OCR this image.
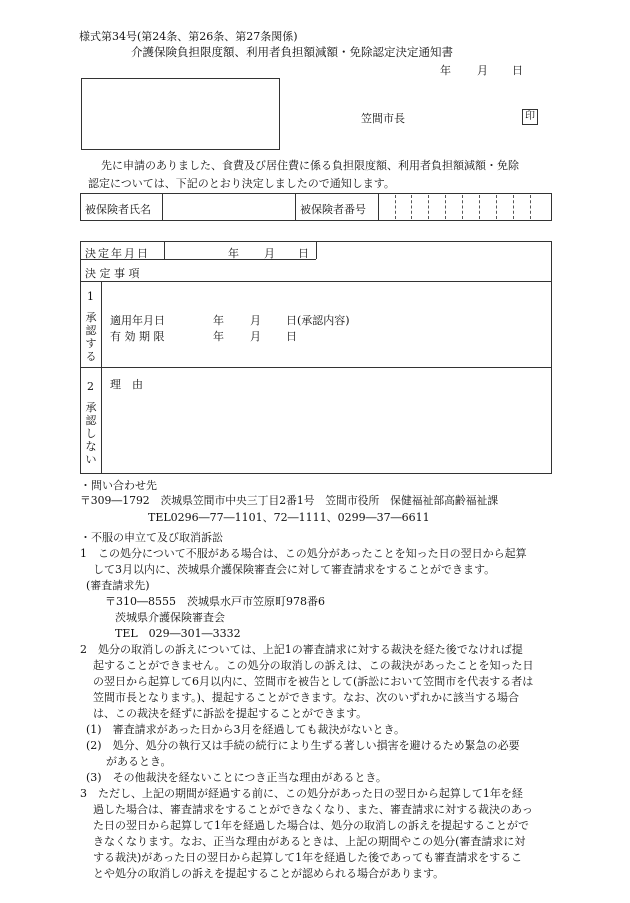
様式第34号(第24条、第26条、第27条関係)
介護保険負担限度額、利用者負担額減額・免除認定決定通知書
年 月 日
笠間市長	印
先に申請のありました、食費及び居住費に係る負担限度額、利用者負担額減額・免除
認定については、下記のとおり決定しましたので通知します。
被保険者氏名	被保険者番号
決定年月日	年 月 日
決 定 事 項
1
承認する
適用年月日	年 月 日(承認内容)
有 効 期 限	年 月 日
2
承認しない
理　由
・問い合わせ先
〒309―1792　茨城県笠間市中央三丁目2番1号　笠間市役所　保健福祉部高齢福祉課
TEL0296―77―1101、72―1111、0299―37―6611
・不服の申立て及び取消訴訟
1　この処分について不服がある場合は、この処分があったことを知った日の翌日から起算
して3月以内に、茨城県介護保険審査会に対して審査請求をすることができます。
(審査請求先)
〒310―8555　茨城県水戸市笠原町978番6
茨城県介護保険審査会
TEL　029―301―3332
2　処分の取消しの訴えについては、上記1の審査請求に対する裁決を経た後でなければ提
起することができません。この処分の取消しの訴えは、この裁決があったことを知った日
の翌日から起算して6月以内に、笠間市を被告として(訴訟において笠間市を代表する者は
笠間市長となります。)、提起することができます。なお、次のいずれかに該当する場合
は、この裁決を経ずに訴訟を提起することができます。
(1)　審査請求があった日から3月を経過しても裁決がないとき。
(2)　処分、処分の執行又は手続の続行により生ずる著しい損害を避けるため緊急の必要
があるとき。
(3)　その他裁決を経ないことにつき正当な理由があるとき。
3　ただし、上記の期間が経過する前に、この処分があった日の翌日から起算して1年を経
過した場合は、審査請求をすることができなくなり、また、審査請求に対する裁決のあっ
た日の翌日から起算して1年を経過した場合は、処分の取消しの訴えを提起することがで
きなくなります。なお、正当な理由があるときは、上記の期間やこの処分(審査請求に対
する裁決)があった日の翌日から起算して1年を経過した後であっても審査請求をするこ
とや処分の取消しの訴えを提起することが認められる場合があります。
